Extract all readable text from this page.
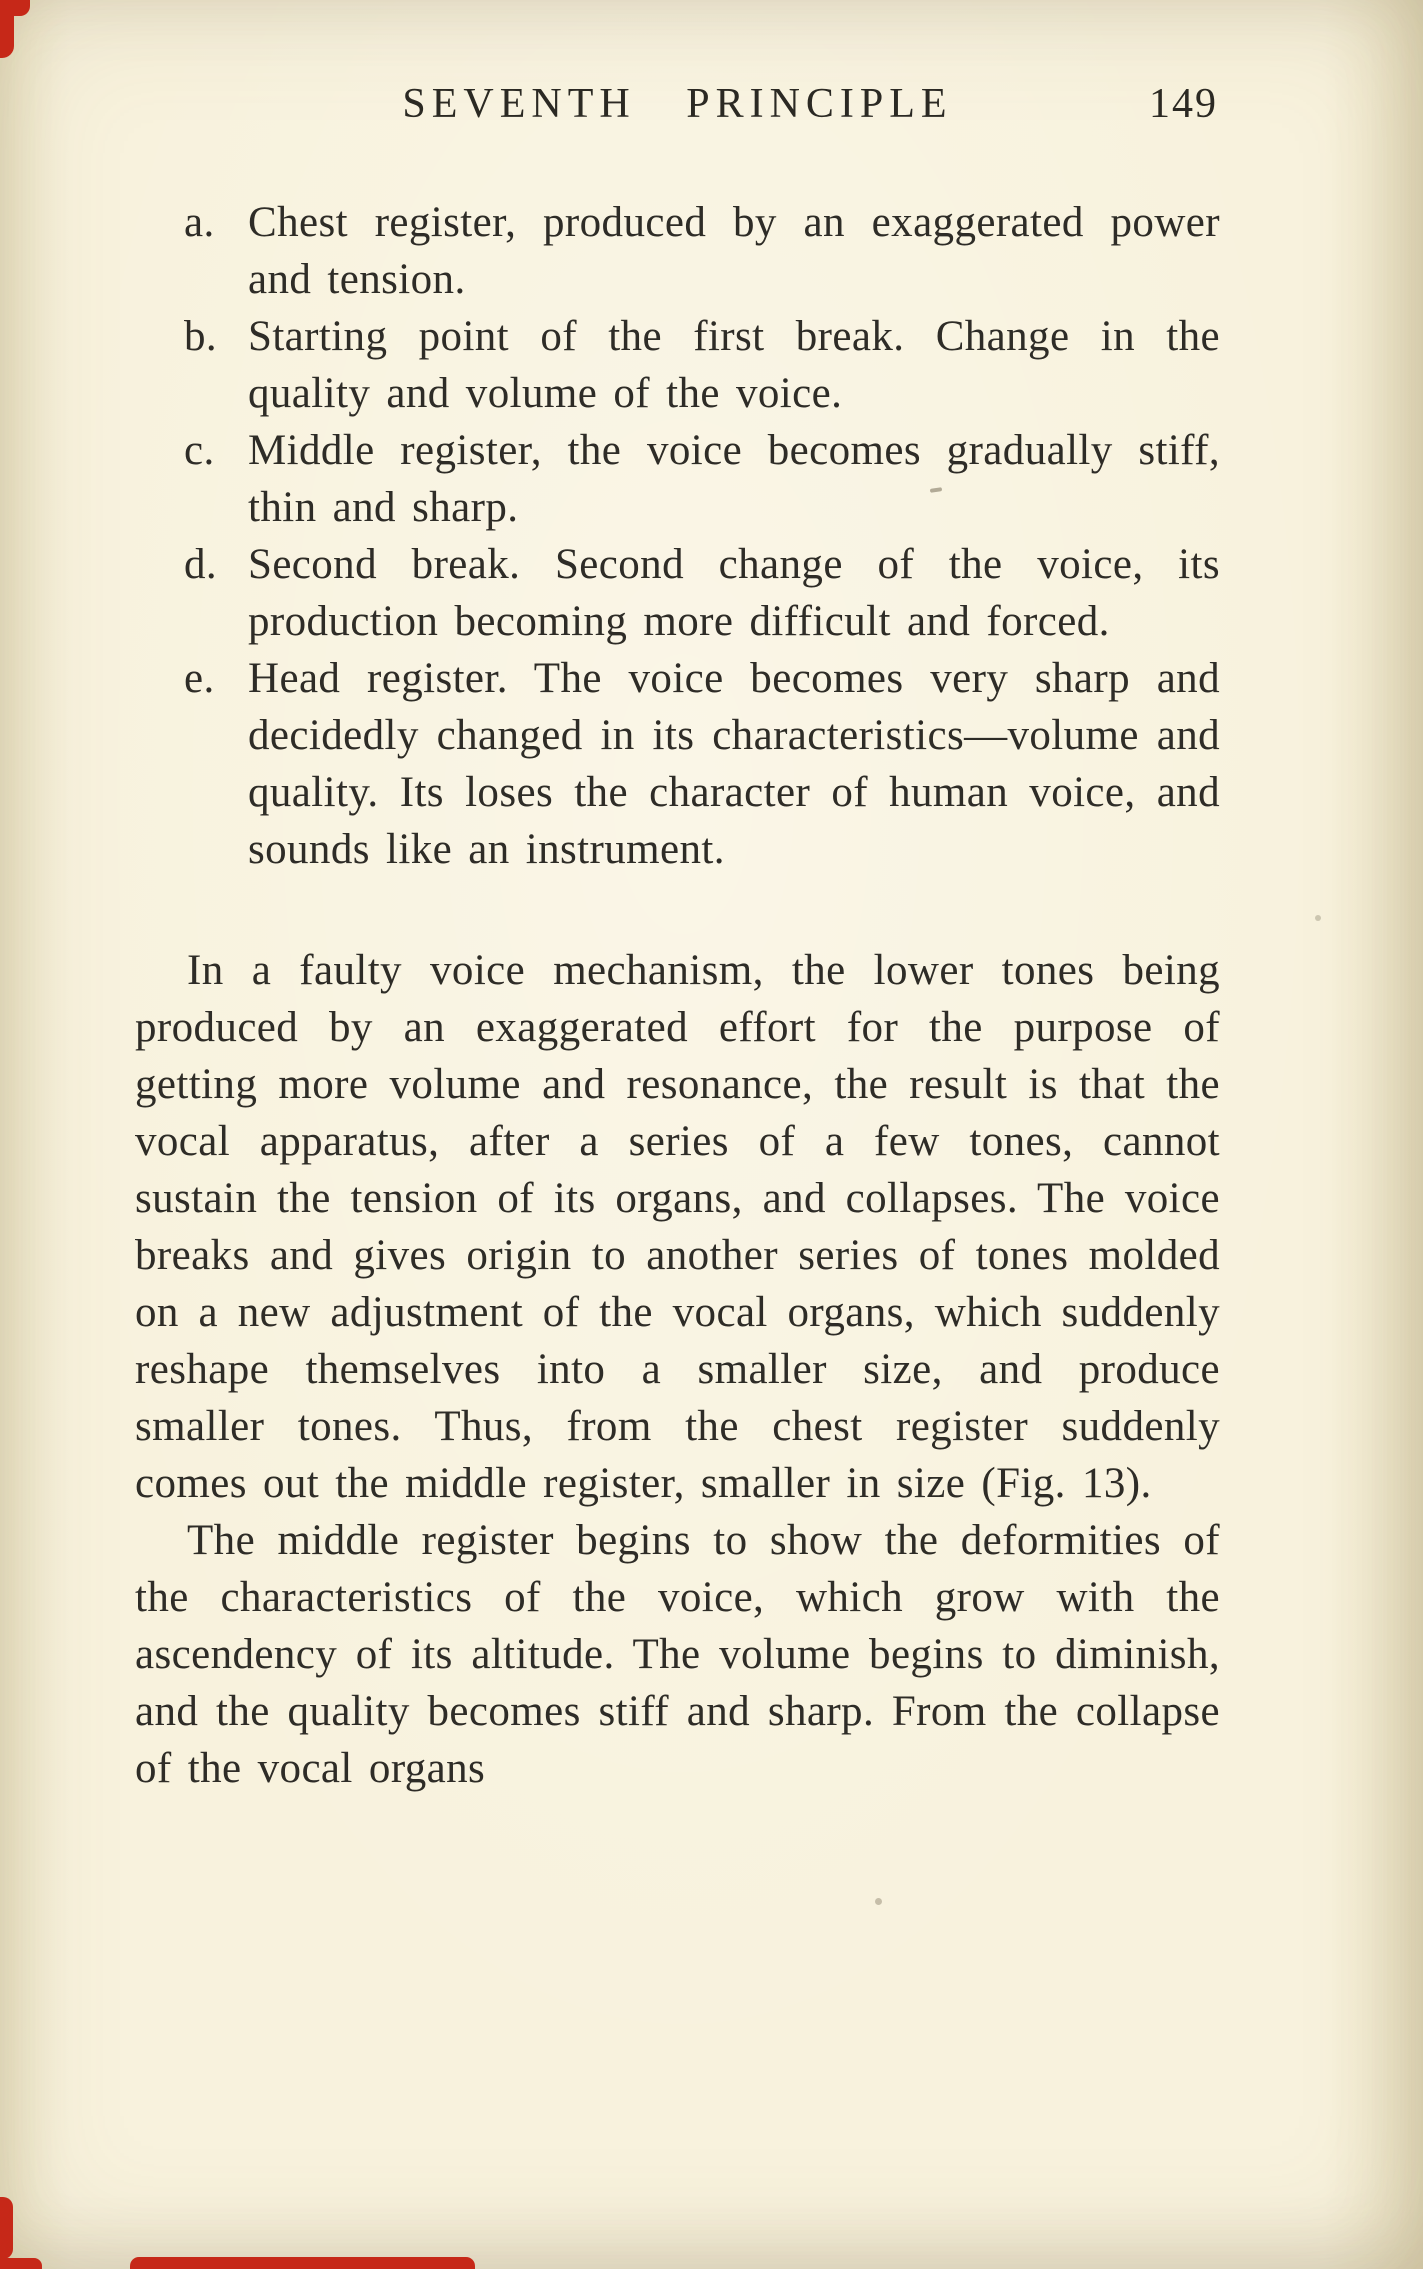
SEVENTH PRINCIPLE	149
a. Chest register, produced by an exaggerated power and tension.
b. Starting point of the first break. Change in the quality and volume of the voice.
c. Middle register, the voice becomes gradually stiff, thin and sharp.
d. Second break. Second change of the voice, its production becoming more difficult and forced.
e. Head register. The voice becomes very sharp and decidedly changed in its characteristics—volume and quality. Its loses the character of human voice, and sounds like an instrument.
In a faulty voice mechanism, the lower tones being produced by an exaggerated effort for the purpose of getting more volume and resonance, the result is that the vocal apparatus, after a series of a few tones, cannot sustain the tension of its organs, and collapses. The voice breaks and gives origin to another series of tones molded on a new adjustment of the vocal organs, which suddenly reshape themselves into a smaller size, and produce smaller tones. Thus, from the chest register suddenly comes out the middle register, smaller in size (Fig. 13).
The middle register begins to show the deformities of the characteristics of the voice, which grow with the ascendency of its altitude. The volume begins to diminish, and the quality becomes stiff and sharp. From the collapse of the vocal organs
